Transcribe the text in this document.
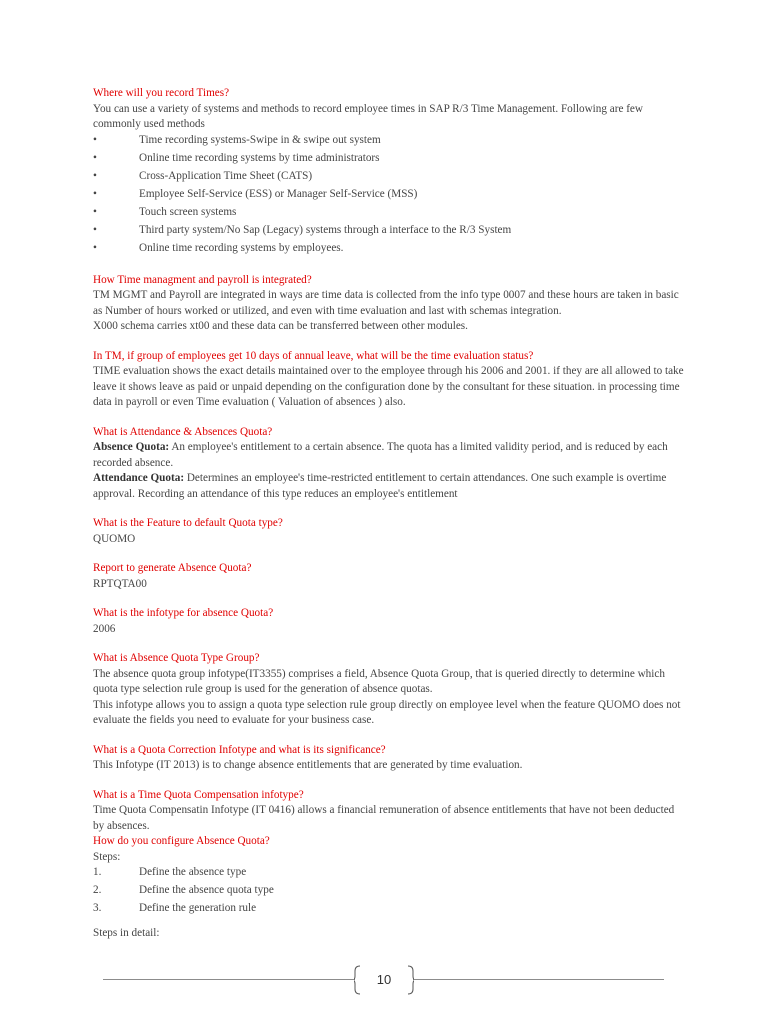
Where will you record Times?

You can use a variety of systems and methods to record employee times in SAP R/3 Time Management. Following are few commonly used methods

•	Time recording systems-Swipe in & swipe out system
•	Online time recording systems by time administrators
•	Cross-Application Time Sheet (CATS)
•	Employee Self-Service (ESS) or Manager Self-Service (MSS)
•	Touch screen systems
•	Third party system/No Sap (Legacy) systems through a interface to the R/3 System
•	Online time recording systems by employees.

How Time managment and payroll is integrated?

TM MGMT and Payroll are integrated in ways are time data is collected from the info type 0007 and these hours are taken in basic as Number of hours worked or utilized, and even with time evaluation and last with schemas integration.

X000 schema carries xt00 and these data can be transferred between other modules.

In TM, if group of employees get 10 days of annual leave, what will be the time evaluation status?

TIME evaluation shows the exact details maintained over to the employee through his 2006 and 2001. if they are all allowed to take leave it shows leave as paid or unpaid depending on the configuration done by the consultant for these situation. in processing time data in payroll or even Time evaluation ( Valuation of absences ) also.

What is Attendance & Absences Quota?

Absence Quota: An employee's entitlement to a certain absence. The quota has a limited validity period, and is reduced by each recorded absence.

Attendance Quota: Determines an employee's time-restricted entitlement to certain attendances. One such example is overtime approval. Recording an attendance of this type reduces an employee's entitlement

What is the Feature to default Quota type?

QUOMO

Report to generate Absence Quota?

RPTQTA00

What is the infotype for absence Quota?

2006

What is Absence Quota Type Group?

The absence quota group infotype(IT3355) comprises a field, Absence Quota Group, that is queried directly to determine which quota type selection rule group is used for the generation of absence quotas.

This infotype allows you to assign a quota type selection rule group directly on employee level when the feature QUOMO does not evaluate the fields you need to evaluate for your business case.

What is a Quota Correction Infotype and what is its significance?

This Infotype (IT 2013) is to change absence entitlements that are generated by time evaluation.

What is a Time Quota Compensation infotype?

Time Quota Compensatin Infotype (IT 0416) allows a financial remuneration of absence entitlements that have not been deducted by absences.

How do you configure Absence Quota?

Steps:

1.	Define the absence type
2.	Define the absence quota type
3.	Define the generation rule

Steps in detail:

10
